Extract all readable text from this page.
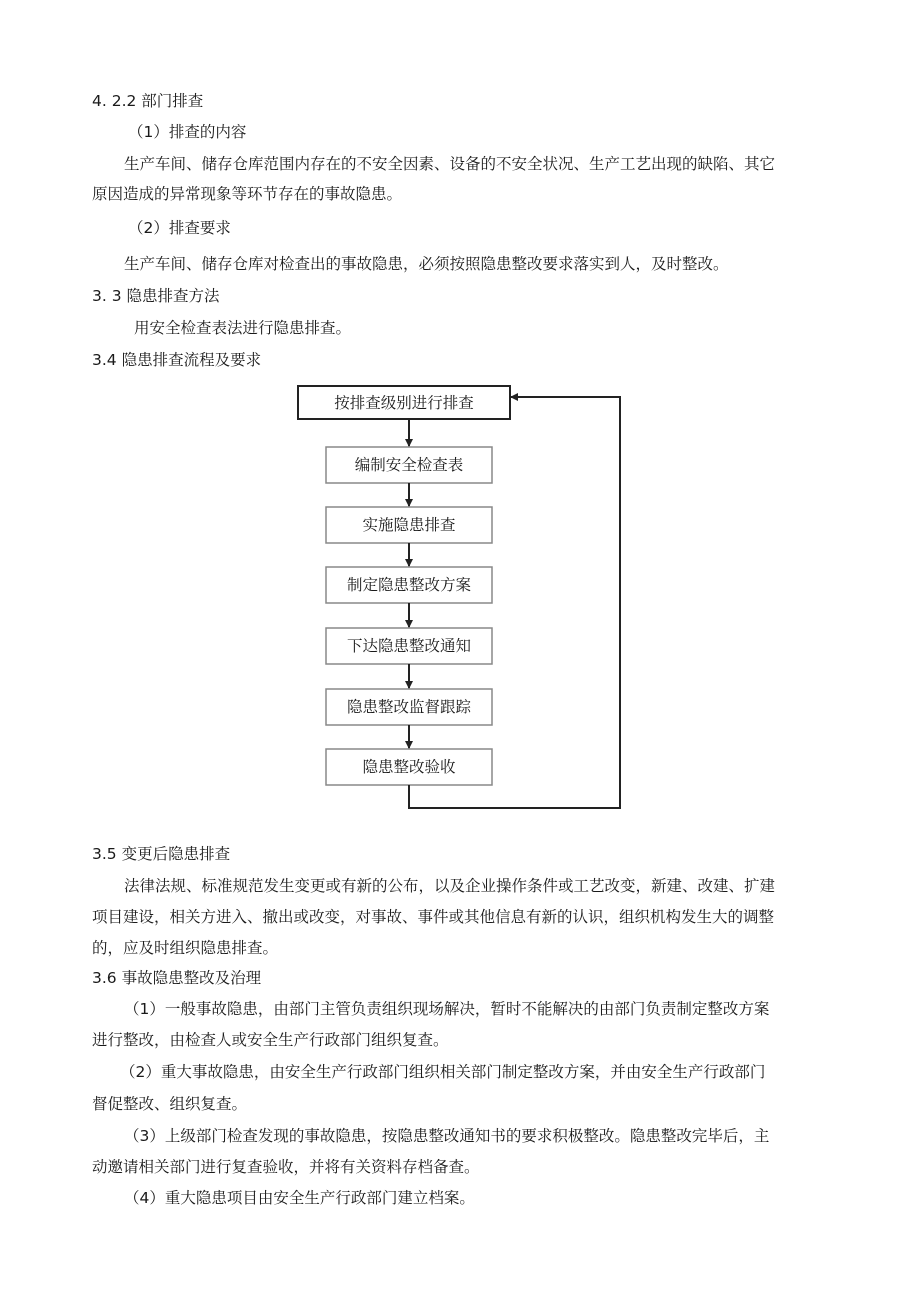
4. 2.2 部门排查
（1）排查的内容
生产车间、储存仓库范围内存在的不安全因素、设备的不安全状况、生产工艺出现的缺陷、其它
原因造成的异常现象等环节存在的事故隐患。
（2）排查要求
生产车间、储存仓库对检查出的事故隐患，必须按照隐患整改要求落实到人，及时整改。
3. 3 隐患排查方法
用安全检查表法进行隐患排查。
3.4 隐患排查流程及要求
按排查级别进行排查
编制安全检查表
实施隐患排查
制定隐患整改方案
下达隐患整改通知
隐患整改监督跟踪
隐患整改验收
3.5 变更后隐患排查
法律法规、标准规范发生变更或有新的公布，以及企业操作条件或工艺改变，新建、改建、扩建
项目建设，相关方进入、撤出或改变，对事故、事件或其他信息有新的认识，组织机构发生大的调整
的，应及时组织隐患排查。
3.6 事故隐患整改及治理
（1）一般事故隐患，由部门主管负责组织现场解决，暂时不能解决的由部门负责制定整改方案
进行整改，由检查人或安全生产行政部门组织复查。
（2）重大事故隐患，由安全生产行政部门组织相关部门制定整改方案，并由安全生产行政部门
督促整改、组织复查。
（3）上级部门检查发现的事故隐患，按隐患整改通知书的要求积极整改。隐患整改完毕后，主
动邀请相关部门进行复查验收，并将有关资料存档备查。
（4）重大隐患项目由安全生产行政部门建立档案。
